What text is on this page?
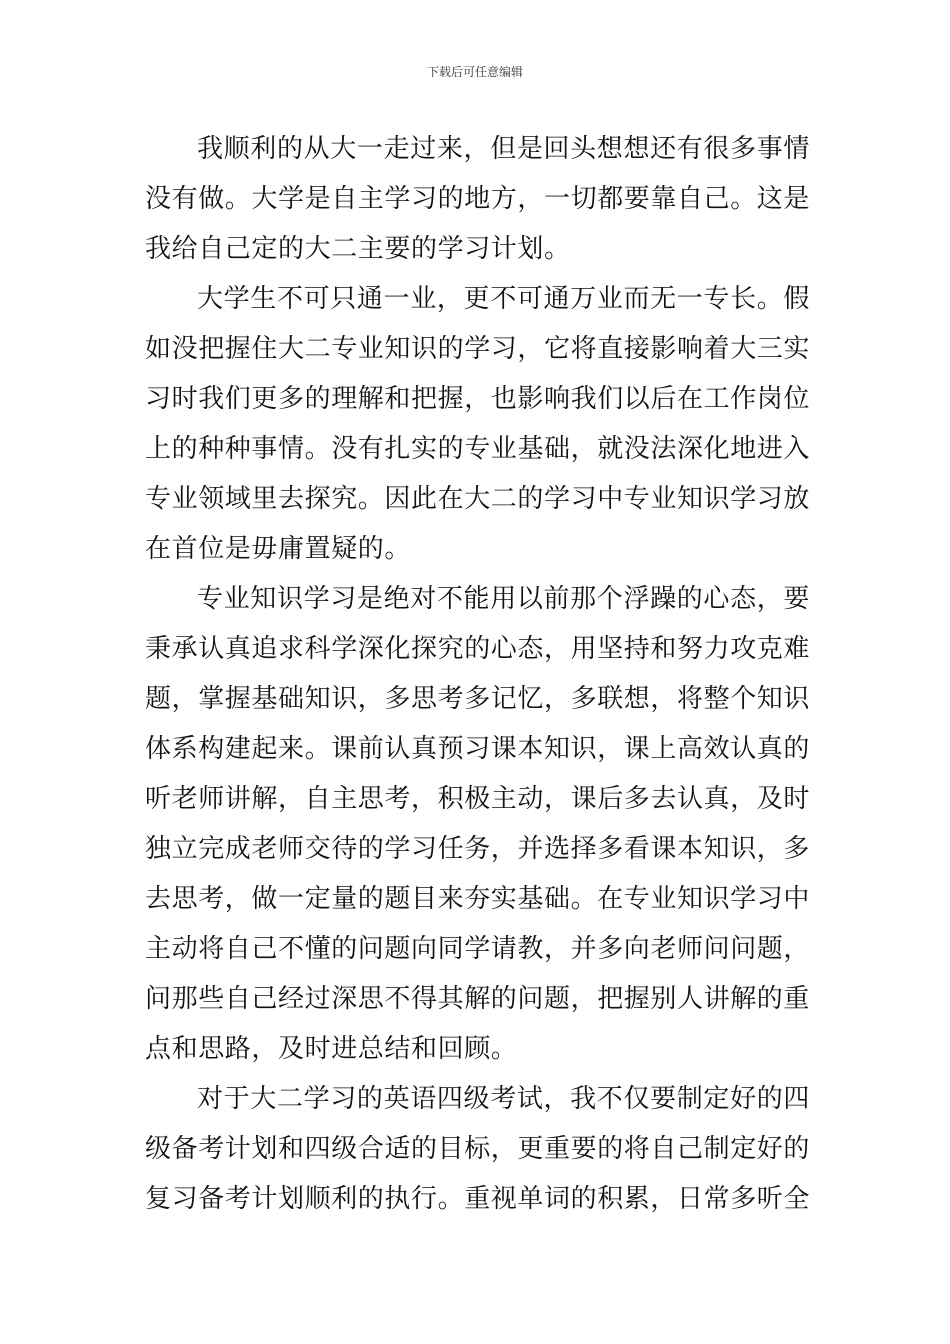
下载后可任意编辑

我顺利的从大一走过来，但是回头想想还有很多事情没有做。大学是自主学习的地方，一切都要靠自己。这是我给自己定的大二主要的学习计划。

大学生不可只通一业，更不可通万业而无一专长。假如没把握住大二专业知识的学习，它将直接影响着大三实习时我们更多的理解和把握，也影响我们以后在工作岗位上的种种事情。没有扎实的专业基础，就没法深化地进入专业领域里去探究。因此在大二的学习中专业知识学习放在首位是毋庸置疑的。

专业知识学习是绝对不能用以前那个浮躁的心态，要秉承认真追求科学深化探究的心态，用坚持和努力攻克难题，掌握基础知识，多思考多记忆，多联想，将整个知识体系构建起来。课前认真预习课本知识，课上高效认真的听老师讲解，自主思考，积极主动，课后多去认真，及时独立完成老师交待的学习任务，并选择多看课本知识，多去思考，做一定量的题目来夯实基础。在专业知识学习中主动将自己不懂的问题向同学请教，并多向老师问问题，问那些自己经过深思不得其解的问题，把握别人讲解的重点和思路，及时进总结和回顾。

对于大二学习的英语四级考试，我不仅要制定好的四级备考计划和四级合适的目标，更重要的将自己制定好的复习备考计划顺利的执行。重视单词的积累，日常多听全
